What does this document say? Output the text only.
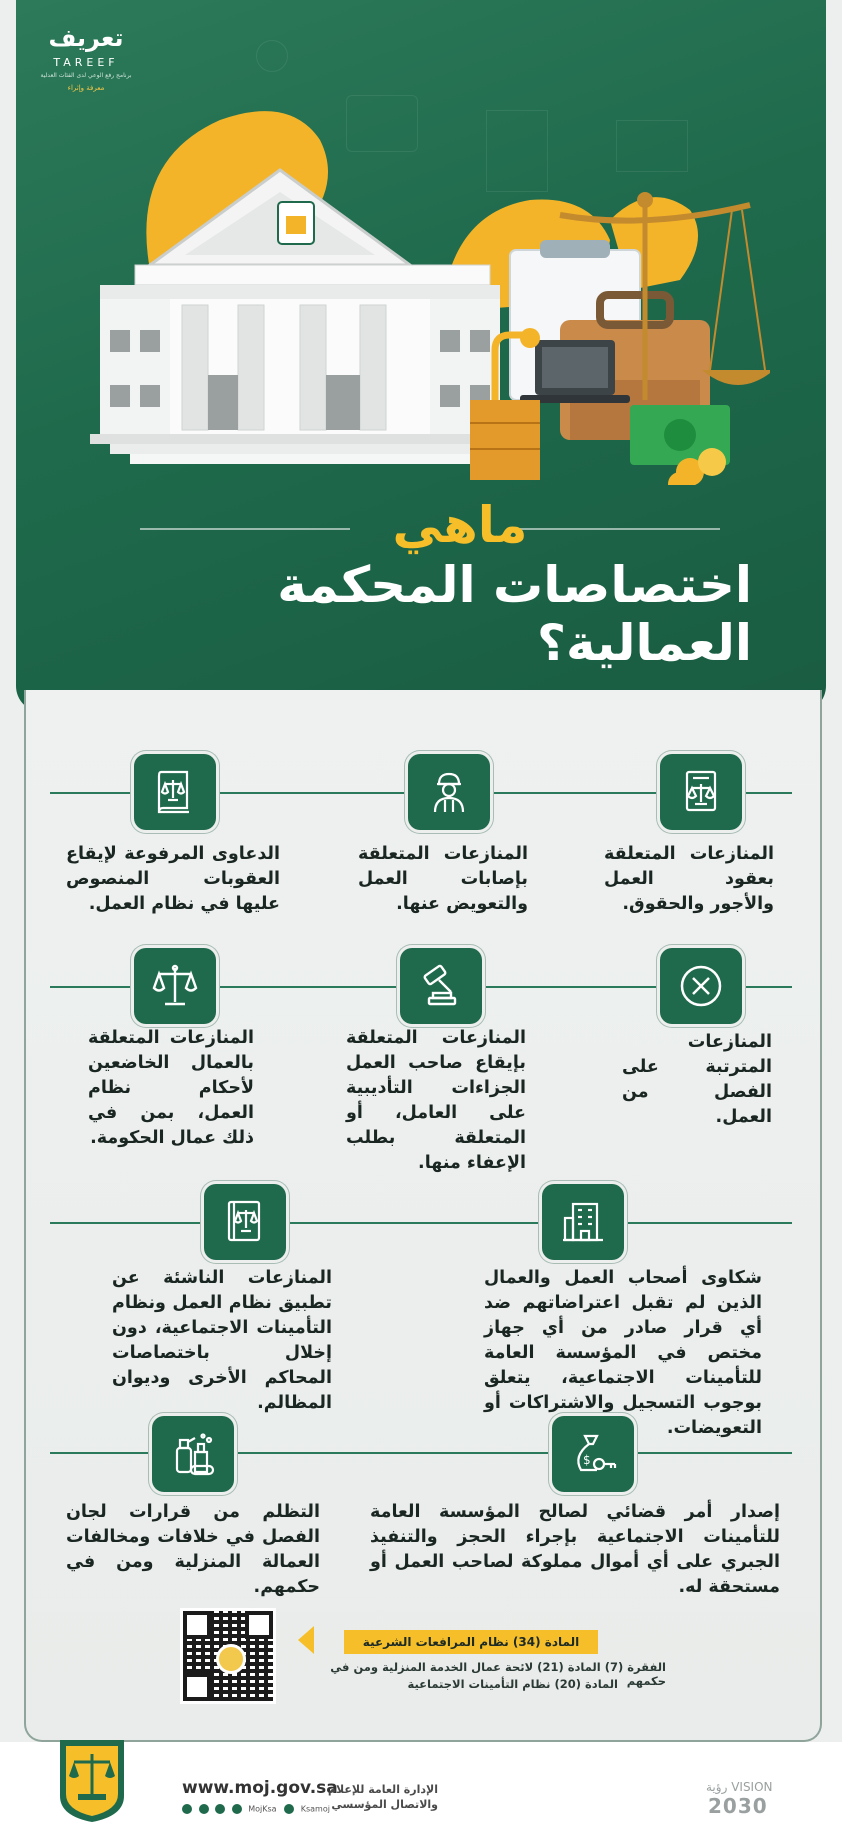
تعريف
TAREEF
برنامج رفع الوعي لدى الفئات العدلية
معرفة وإثراء
ماهي
اختصاصات المحكمة العمالية؟
المنازعات المتعلقة بعقود العمل والأجور والحقوق.
المنازعات المتعلقة بإصابات العمل والتعويض عنها.
الدعاوى المرفوعة لإيقاع العقوبات المنصوص عليها في نظام العمل.
المنازعات المترتبة على الفصل من العمل.
المنازعات المتعلقة بإيقاع صاحب العمل الجزاءات التأديبية على العامل، أو المتعلقة بطلب الإعفاء منها.
المنازعات المتعلقة بالعمال الخاضعين لأحكام نظام العمل، بمن في ذلك عمال الحكومة.
شكاوى أصحاب العمل والعمال الذين لم تقبل اعتراضاتهم ضد أي قرار صادر من أي جهاز مختص في المؤسسة العامة للتأمينات الاجتماعية، يتعلق بوجوب التسجيل والاشتراكات أو التعويضات.
المنازعات الناشئة عن تطبيق نظام العمل ونظام التأمينات الاجتماعية، دون إخلال باختصاصات المحاكم الأخرى وديوان المظالم.
$
إصدار أمر قضائي لصالح المؤسسة العامة للتأمينات الاجتماعية بإجراء الحجز والتنفيذ الجبري على أي أموال مملوكة لصاحب العمل أو مستحقة له.
التظلم من قرارات لجان الفصل في خلافات ومخالفات العمالة المنزلية ومن في حكمهم.
المادة (34) نظام المرافعات الشرعية
الفقرة (7) المادة (21) لائحة عمال الخدمة المنزلية ومن في حكمهم
المادة (20) نظام التأمينات الاجتماعية
www.moj.gov.sa
MojKsa	Ksamoj
الإدارة العامة للإعلام والاتصال المؤسسي
رؤية VISION
2030
